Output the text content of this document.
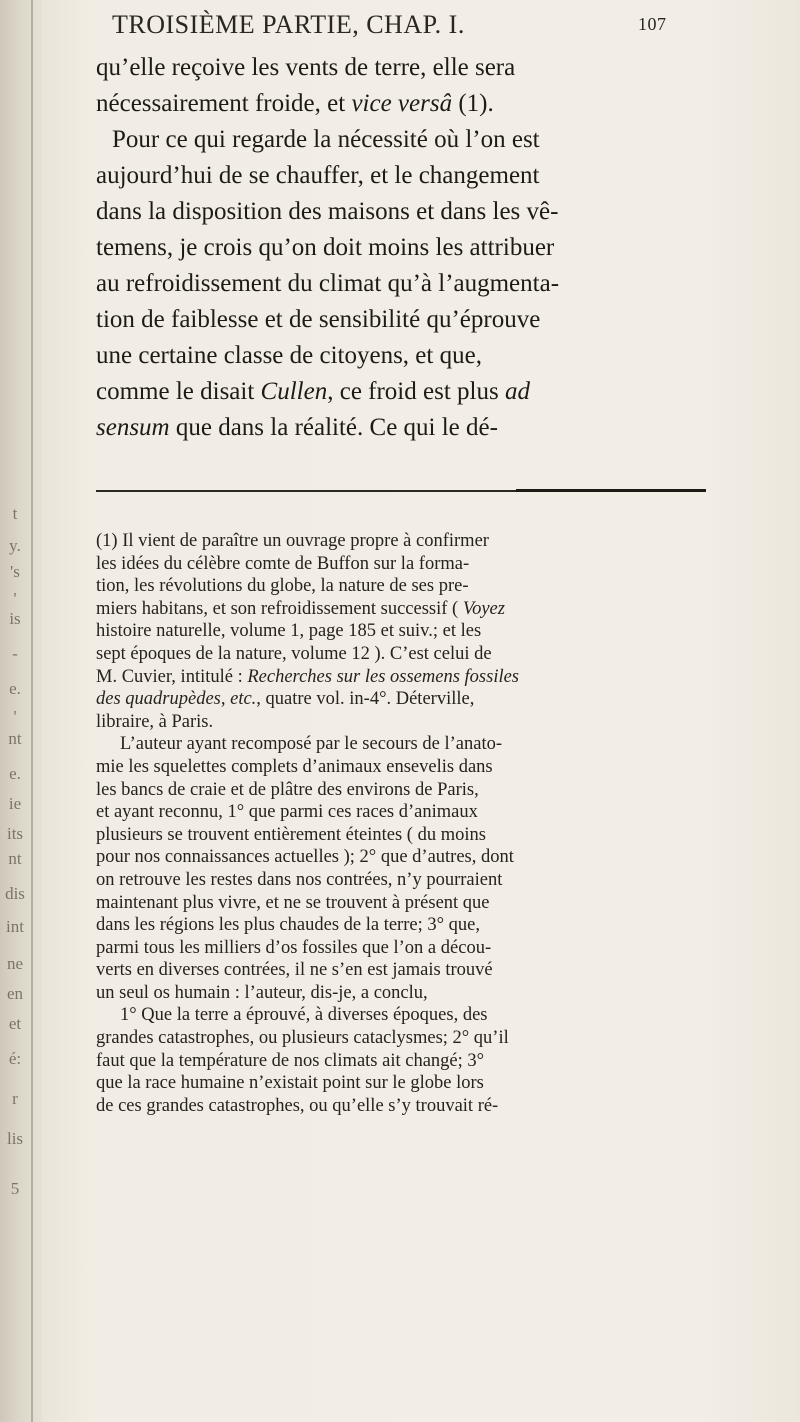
t
y.
's
'
is
-
e.
'
nt
e.
ie
its
nt
dis
int
ne
en
et
é:
r
lis
5
TROISIÈME PARTIE, CHAP. I.	107
qu’elle reçoive les vents de terre, elle sera
nécessairement froide, et vice versâ (1).
Pour ce qui regarde la nécessité où l’on est
aujourd’hui de se chauffer, et le changement
dans la disposition des maisons et dans les vê-
temens, je crois qu’on doit moins les attribuer
au refroidissement du climat qu’à l’augmenta-
tion de faiblesse et de sensibilité qu’éprouve
une certaine classe de citoyens, et que,
comme le disait Cullen, ce froid est plus ad
sensum que dans la réalité. Ce qui le dé-
(1) Il vient de paraître un ouvrage propre à confirmer
les idées du célèbre comte de Buffon sur la forma-
tion, les révolutions du globe, la nature de ses pre-
miers habitans, et son refroidissement successif ( Voyez
histoire naturelle, volume 1, page 185 et suiv.; et les
sept époques de la nature, volume 12 ). C’est celui de
M. Cuvier, intitulé : Recherches sur les ossemens fossiles
des quadrupèdes, etc., quatre vol. in-4°. Déterville,
libraire, à Paris.
L’auteur ayant recomposé par le secours de l’anato-
mie les squelettes complets d’animaux ensevelis dans
les bancs de craie et de plâtre des environs de Paris,
et ayant reconnu, 1° que parmi ces races d’animaux
plusieurs se trouvent entièrement éteintes ( du moins
pour nos connaissances actuelles ); 2° que d’autres, dont
on retrouve les restes dans nos contrées, n’y pourraient
maintenant plus vivre, et ne se trouvent à présent que
dans les régions les plus chaudes de la terre; 3° que,
parmi tous les milliers d’os fossiles que l’on a décou-
verts en diverses contrées, il ne s’en est jamais trouvé
un seul os humain : l’auteur, dis-je, a conclu,
1° Que la terre a éprouvé, à diverses époques, des
grandes catastrophes, ou plusieurs cataclysmes; 2° qu’il
faut que la température de nos climats ait changé; 3°
que la race humaine n’existait point sur le globe lors
de ces grandes catastrophes, ou qu’elle s’y trouvait ré-
